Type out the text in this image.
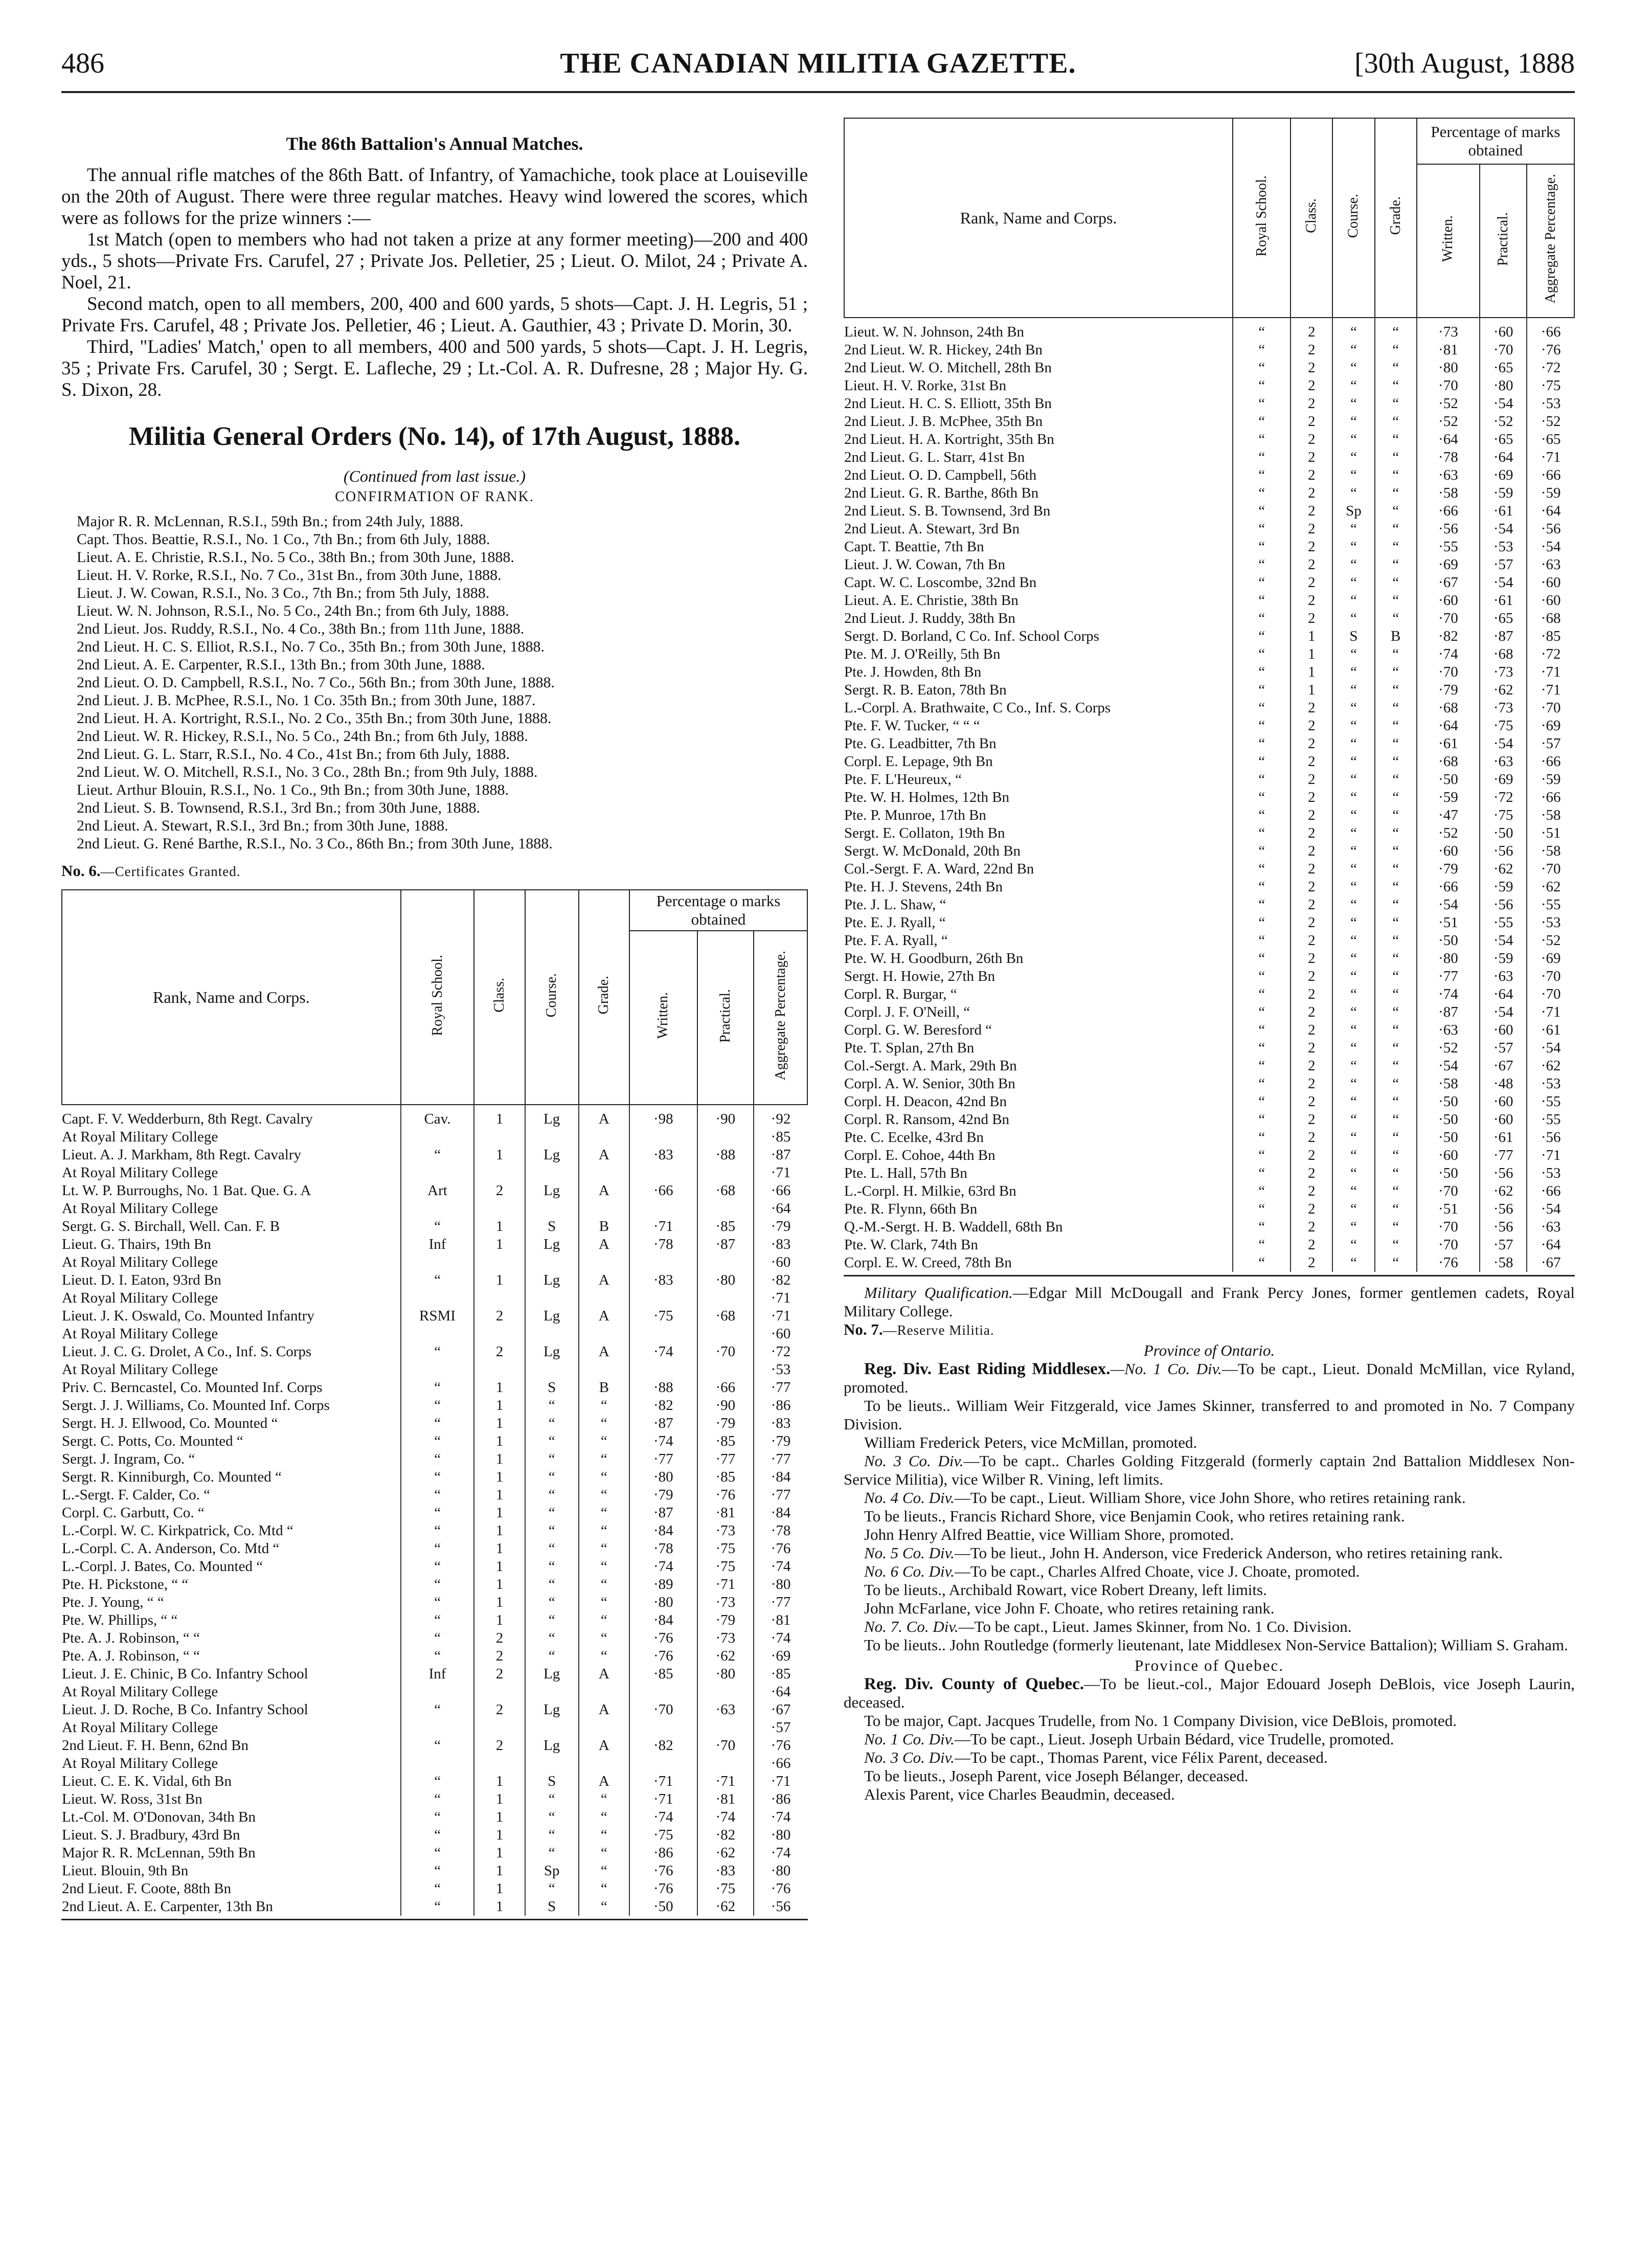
486	THE CANADIAN MILITIA GAZETTE.	[30th August, 1888
The 86th Battalion's Annual Matches.

The annual rifle matches of the 86th Batt. of Infantry, of Yamachiche, took place at Louiseville on the 20th of August. There were three regular matches. Heavy wind lowered the scores, which were as follows for the prize winners :—

1st Match (open to members who had not taken a prize at any former meeting)—200 and 400 yds., 5 shots—Private Frs. Carufel, 27 ; Private Jos. Pelletier, 25 ; Lieut. O. Milot, 24 ; Private A. Noel, 21.

Second match, open to all members, 200, 400 and 600 yards, 5 shots—Capt. J. H. Legris, 51 ; Private Frs. Carufel, 48 ; Private Jos. Pelletier, 46 ; Lieut. A. Gauthier, 43 ; Private D. Morin, 30.

Third, "Ladies' Match,' open to all members, 400 and 500 yards, 5 shots—Capt. J. H. Legris, 35 ; Private Frs. Carufel, 30 ; Sergt. E. Lafleche, 29 ; Lt.-Col. A. R. Dufresne, 28 ; Major Hy. G. S. Dixon, 28.

Militia General Orders (No. 14), of 17th August, 1888.

(Continued from last issue.)

CONFIRMATION OF RANK.

Major R. R. McLennan, R.S.I., 59th Bn.; from 24th July, 1888.
Capt. Thos. Beattie, R.S.I., No. 1 Co., 7th Bn.; from 6th July, 1888.
Lieut. A. E. Christie, R.S.I., No. 5 Co., 38th Bn.; from 30th June, 1888.
Lieut. H. V. Rorke, R.S.I., No. 7 Co., 31st Bn., from 30th June, 1888.
Lieut. J. W. Cowan, R.S.I., No. 3 Co., 7th Bn.; from 5th July, 1888.
Lieut. W. N. Johnson, R.S.I., No. 5 Co., 24th Bn.; from 6th July, 1888.
2nd Lieut. Jos. Ruddy, R.S.I., No. 4 Co., 38th Bn.; from 11th June, 1888.
2nd Lieut. H. C. S. Elliot, R.S.I., No. 7 Co., 35th Bn.; from 30th June, 1888.
2nd Lieut. A. E. Carpenter, R.S.I., 13th Bn.; from 30th June, 1888.
2nd Lieut. O. D. Campbell, R.S.I., No. 7 Co., 56th Bn.; from 30th June, 1888.
2nd Lieut. J. B. McPhee, R.S.I., No. 1 Co. 35th Bn.; from 30th June, 1887.
2nd Lieut. H. A. Kortright, R.S.I., No. 2 Co., 35th Bn.; from 30th June, 1888.
2nd Lieut. W. R. Hickey, R.S.I., No. 5 Co., 24th Bn.; from 6th July, 1888.
2nd Lieut. G. L. Starr, R.S.I., No. 4 Co., 41st Bn.; from 6th July, 1888.
2nd Lieut. W. O. Mitchell, R.S.I., No. 3 Co., 28th Bn.; from 9th July, 1888.
Lieut. Arthur Blouin, R.S.I., No. 1 Co., 9th Bn.; from 30th June, 1888.
2nd Lieut. S. B. Townsend, R.S.I., 3rd Bn.; from 30th June, 1888.
2nd Lieut. A. Stewart, R.S.I., 3rd Bn.; from 30th June, 1888.
2nd Lieut. G. René Barthe, R.S.I., No. 3 Co., 86th Bn.; from 30th June, 1888.
No. 6.—Certificates Granted.
Rank, Name and Corps.	Royal School.	Class.	Course.	Grade.	Percentage o marks obtained		
					Written.	Practical.	Aggregate Percentage.
Capt. F. V. Wedderburn, 8th Regt. Cavalry	Cav.	1	Lg	A	·98	·90	·92
At Royal Military College							·85
Lieut. A. J. Markham, 8th Regt. Cavalry	“	1	Lg	A	·83	·88	·87
At Royal Military College							·71
Lt. W. P. Burroughs, No. 1 Bat. Que. G. A	Art	2	Lg	A	·66	·68	·66
At Royal Military College							·64
Sergt. G. S. Birchall, Well. Can. F. B	“	1	S	B	·71	·85	·79
Lieut. G. Thairs, 19th Bn	Inf	1	Lg	A	·78	·87	·83
At Royal Military College							·60
Lieut. D. I. Eaton, 93rd Bn	“	1	Lg	A	·83	·80	·82
At Royal Military College							·71
Lieut. J. K. Oswald, Co. Mounted Infantry	RSMI	2	Lg	A	·75	·68	·71
At Royal Military College							·60
Lieut. J. C. G. Drolet, A Co., Inf. S. Corps	“	2	Lg	A	·74	·70	·72
At Royal Military College							·53
Priv. C. Berncastel, Co. Mounted Inf. Corps	“	1	S	B	·88	·66	·77
Sergt. J. J. Williams, Co. Mounted Inf. Corps	“	1	“	“	·82	·90	·86
Sergt. H. J. Ellwood, Co. Mounted “	“	1	“	“	·87	·79	·83
Sergt. C. Potts, Co. Mounted “	“	1	“	“	·74	·85	·79
Sergt. J. Ingram, Co. “	“	1	“	“	·77	·77	·77
Sergt. R. Kinniburgh, Co. Mounted “	“	1	“	“	·80	·85	·84
L.-Sergt. F. Calder, Co. “	“	1	“	“	·79	·76	·77
Corpl. C. Garbutt, Co. “	“	1	“	“	·87	·81	·84
L.-Corpl. W. C. Kirkpatrick, Co. Mtd “	“	1	“	“	·84	·73	·78
L.-Corpl. C. A. Anderson, Co. Mtd “	“	1	“	“	·78	·75	·76
L.-Corpl. J. Bates, Co. Mounted “	“	1	“	“	·74	·75	·74
Pte. H. Pickstone, “ “	“	1	“	“	·89	·71	·80
Pte. J. Young, “ “	“	1	“	“	·80	·73	·77
Pte. W. Phillips, “ “	“	1	“	“	·84	·79	·81
Pte. A. J. Robinson, “ “	“	2	“	“	·76	·73	·74
Pte. A. J. Robinson, “ “	“	2	“	“	·76	·62	·69
Lieut. J. E. Chinic, B Co. Infantry School	Inf	2	Lg	A	·85	·80	·85
At Royal Military College							·64
Lieut. J. D. Roche, B Co. Infantry School	“	2	Lg	A	·70	·63	·67
At Royal Military College							·57
2nd Lieut. F. H. Benn, 62nd Bn	“	2	Lg	A	·82	·70	·76
At Royal Military College							·66
Lieut. C. E. K. Vidal, 6th Bn	“	1	S	A	·71	·71	·71
Lieut. W. Ross, 31st Bn	“	1	“	“	·71	·81	·86
Lt.-Col. M. O'Donovan, 34th Bn	“	1	“	“	·74	·74	·74
Lieut. S. J. Bradbury, 43rd Bn	“	1	“	“	·75	·82	·80
Major R. R. McLennan, 59th Bn	“	1	“	“	·86	·62	·74
Lieut. Blouin, 9th Bn	“	1	Sp	“	·76	·83	·80
2nd Lieut. F. Coote, 88th Bn	“	1	“	“	·76	·75	·76
2nd Lieut. A. E. Carpenter, 13th Bn	“	1	S	“	·50	·62	·56
Rank, Name and Corps.	Royal School.	Class.	Course.	Grade.	Percentage of marks obtained		
					Written.	Practical.	Aggregate Percentage.
Lieut. W. N. Johnson, 24th Bn	“	2	“	“	·73	·60	·66
2nd Lieut. W. R. Hickey, 24th Bn	“	2	“	“	·81	·70	·76
2nd Lieut. W. O. Mitchell, 28th Bn	“	2	“	“	·80	·65	·72
Lieut. H. V. Rorke, 31st Bn	“	2	“	“	·70	·80	·75
2nd Lieut. H. C. S. Elliott, 35th Bn	“	2	“	“	·52	·54	·53
2nd Lieut. J. B. McPhee, 35th Bn	“	2	“	“	·52	·52	·52
2nd Lieut. H. A. Kortright, 35th Bn	“	2	“	“	·64	·65	·65
2nd Lieut. G. L. Starr, 41st Bn	“	2	“	“	·78	·64	·71
2nd Lieut. O. D. Campbell, 56th	“	2	“	“	·63	·69	·66
2nd Lieut. G. R. Barthe, 86th Bn	“	2	“	“	·58	·59	·59
2nd Lieut. S. B. Townsend, 3rd Bn	“	2	Sp	“	·66	·61	·64
2nd Lieut. A. Stewart, 3rd Bn	“	2	“	“	·56	·54	·56
Capt. T. Beattie, 7th Bn	“	2	“	“	·55	·53	·54
Lieut. J. W. Cowan, 7th Bn	“	2	“	“	·69	·57	·63
Capt. W. C. Loscombe, 32nd Bn	“	2	“	“	·67	·54	·60
Lieut. A. E. Christie, 38th Bn	“	2	“	“	·60	·61	·60
2nd Lieut. J. Ruddy, 38th Bn	“	2	“	“	·70	·65	·68
Sergt. D. Borland, C Co. Inf. School Corps	“	1	S	B	·82	·87	·85
Pte. M. J. O'Reilly, 5th Bn	“	1	“	“	·74	·68	·72
Pte. J. Howden, 8th Bn	“	1	“	“	·70	·73	·71
Sergt. R. B. Eaton, 78th Bn	“	1	“	“	·79	·62	·71
L.-Corpl. A. Brathwaite, C Co., Inf. S. Corps	“	2	“	“	·68	·73	·70
Pte. F. W. Tucker, “ “ “	“	2	“	“	·64	·75	·69
Pte. G. Leadbitter, 7th Bn	“	2	“	“	·61	·54	·57
Corpl. E. Lepage, 9th Bn	“	2	“	“	·68	·63	·66
Pte. F. L'Heureux, “	“	2	“	“	·50	·69	·59
Pte. W. H. Holmes, 12th Bn	“	2	“	“	·59	·72	·66
Pte. P. Munroe, 17th Bn	“	2	“	“	·47	·75	·58
Sergt. E. Collaton, 19th Bn	“	2	“	“	·52	·50	·51
Sergt. W. McDonald, 20th Bn	“	2	“	“	·60	·56	·58
Col.-Sergt. F. A. Ward, 22nd Bn	“	2	“	“	·79	·62	·70
Pte. H. J. Stevens, 24th Bn	“	2	“	“	·66	·59	·62
Pte. J. L. Shaw, “	“	2	“	“	·54	·56	·55
Pte. E. J. Ryall, “	“	2	“	“	·51	·55	·53
Pte. F. A. Ryall, “	“	2	“	“	·50	·54	·52
Pte. W. H. Goodburn, 26th Bn	“	2	“	“	·80	·59	·69
Sergt. H. Howie, 27th Bn	“	2	“	“	·77	·63	·70
Corpl. R. Burgar, “	“	2	“	“	·74	·64	·70
Corpl. J. F. O'Neill, “	“	2	“	“	·87	·54	·71
Corpl. G. W. Beresford “	“	2	“	“	·63	·60	·61
Pte. T. Splan, 27th Bn	“	2	“	“	·52	·57	·54
Col.-Sergt. A. Mark, 29th Bn	“	2	“	“	·54	·67	·62
Corpl. A. W. Senior, 30th Bn	“	2	“	“	·58	·48	·53
Corpl. H. Deacon, 42nd Bn	“	2	“	“	·50	·60	·55
Corpl. R. Ransom, 42nd Bn	“	2	“	“	·50	·60	·55
Pte. C. Ecelke, 43rd Bn	“	2	“	“	·50	·61	·56
Corpl. E. Cohoe, 44th Bn	“	2	“	“	·60	·77	·71
Pte. L. Hall, 57th Bn	“	2	“	“	·50	·56	·53
L.-Corpl. H. Milkie, 63rd Bn	“	2	“	“	·70	·62	·66
Pte. R. Flynn, 66th Bn	“	2	“	“	·51	·56	·54
Q.-M.-Sergt. H. B. Waddell, 68th Bn	“	2	“	“	·70	·56	·63
Pte. W. Clark, 74th Bn	“	2	“	“	·70	·57	·64
Corpl. E. W. Creed, 78th Bn	“	2	“	“	·76	·58	·67

Military Qualification.—Edgar Mill McDougall and Frank Percy Jones, former gentlemen cadets, Royal Military College.

No. 7.—Reserve Militia.

Province of Ontario.

Reg. Div. East Riding Middlesex.—No. 1 Co. Div.—To be capt., Lieut. Donald McMillan, vice Ryland, promoted.

To be lieuts.. William Weir Fitzgerald, vice James Skinner, transferred to and promoted in No. 7 Company Division.

William Frederick Peters, vice McMillan, promoted.

No. 3 Co. Div.—To be capt.. Charles Golding Fitzgerald (formerly captain 2nd Battalion Middlesex Non-Service Militia), vice Wilber R. Vining, left limits.

No. 4 Co. Div.—To be capt., Lieut. William Shore, vice John Shore, who retires retaining rank.

To be lieuts., Francis Richard Shore, vice Benjamin Cook, who retires retaining rank.

John Henry Alfred Beattie, vice William Shore, promoted.

No. 5 Co. Div.—To be lieut., John H. Anderson, vice Frederick Anderson, who retires retaining rank.

No. 6 Co. Div.—To be capt., Charles Alfred Choate, vice J. Choate, promoted.

To be lieuts., Archibald Rowart, vice Robert Dreany, left limits.

John McFarlane, vice John F. Choate, who retires retaining rank.

No. 7. Co. Div.—To be capt., Lieut. James Skinner, from No. 1 Co. Division.

To be lieuts.. John Routledge (formerly lieutenant, late Middlesex Non-Service Battalion); William S. Graham.

Province of Quebec.

Reg. Div. County of Quebec.—To be lieut.-col., Major Edouard Joseph DeBlois, vice Joseph Laurin, deceased.

To be major, Capt. Jacques Trudelle, from No. 1 Company Division, vice DeBlois, promoted.

No. 1 Co. Div.—To be capt., Lieut. Joseph Urbain Bédard, vice Trudelle, promoted.

No. 3 Co. Div.—To be capt., Thomas Parent, vice Félix Parent, deceased.

To be lieuts., Joseph Parent, vice Joseph Bélanger, deceased.

Alexis Parent, vice Charles Beaudmin, deceased.
